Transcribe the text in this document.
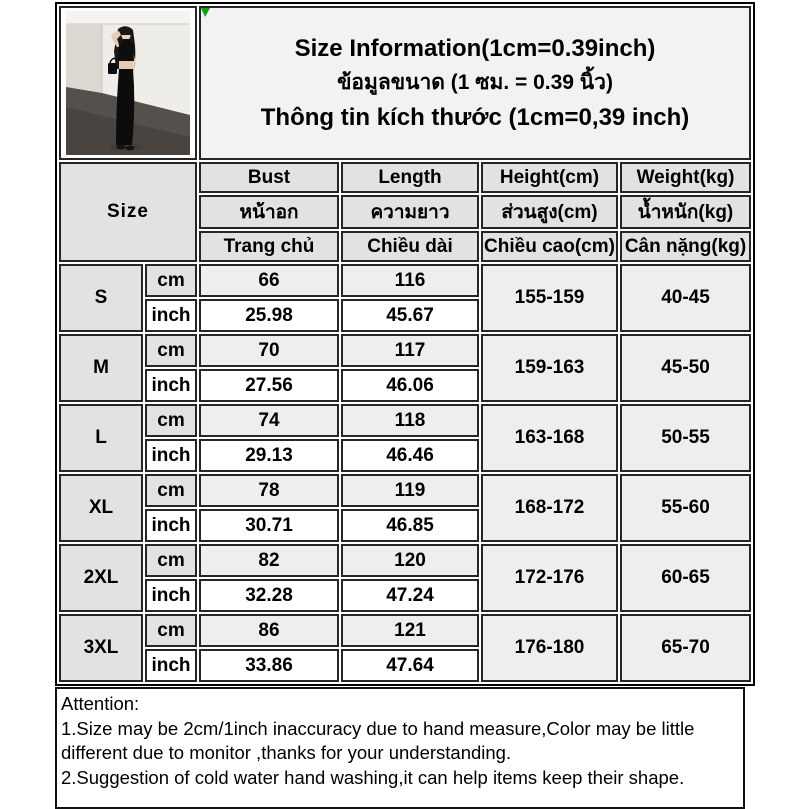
Size Information(1cm=0.39inch)
ข้อมูลขนาด (1 ซม. = 0.39 นิ้ว)
Thông tin kích thước (1cm=0,39 inch)			

Size		Bust	Length	Height(cm)	Weight(kg)
		หน้าอก	ความยาว	ส่วนสูง(cm)	น้ำหนัก(kg)
		Trang chủ	Chiều dài	Chiều cao(cm)	Cân nặng(kg)
S	cm	66	116	155-159	40-45
	inch	25.98	45.67		
M	cm	70	117	159-163	45-50
	inch	27.56	46.06		
L	cm	74	118	163-168	50-55
	inch	29.13	46.46		
XL	cm	78	119	168-172	55-60
	inch	30.71	46.85		
2XL	cm	82	120	172-176	60-65
	inch	32.28	47.24		
3XL	cm	86	121	176-180	65-70
	inch	33.86	47.64		
Attention:
1.Size may be 2cm/1inch inaccuracy due to hand measure,Color may be little different due to monitor ,thanks for your understanding.
2.Suggestion of cold water hand washing,it can help items keep their shape.
